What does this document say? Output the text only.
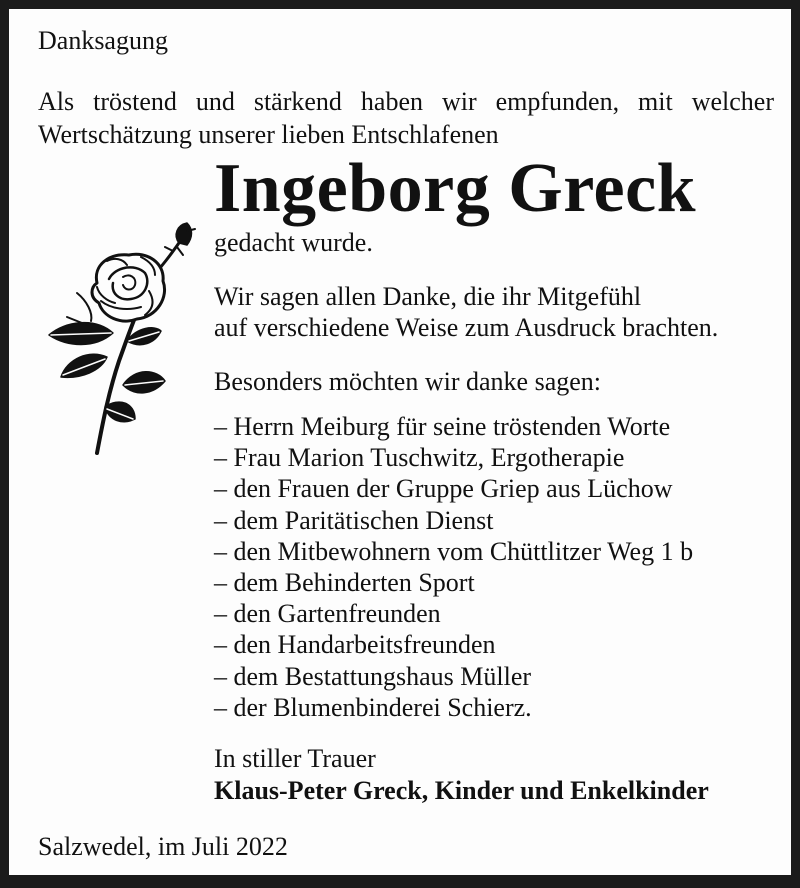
Danksagung
Als tröstend und stärkend haben wir empfunden, mit welcher
Wertschätzung unserer lieben Entschlafenen
Ingeborg Greck
gedacht wurde.
Wir sagen allen Danke, die ihr Mitgefühl
auf verschiedene Weise zum Ausdruck brachten.
Besonders möchten wir danke sagen:
– Herrn Meiburg für seine tröstenden Worte
– Frau Marion Tuschwitz, Ergotherapie
– den Frauen der Gruppe Griep aus Lüchow
– dem Paritätischen Dienst
– den Mitbewohnern vom Chüttlitzer Weg 1 b
– dem Behinderten Sport
– den Gartenfreunden
– den Handarbeitsfreunden
– dem Bestattungshaus Müller
– der Blumenbinderei Schierz.
In stiller Trauer
Klaus-Peter Greck, Kinder und Enkelkinder
Salzwedel, im Juli 2022
